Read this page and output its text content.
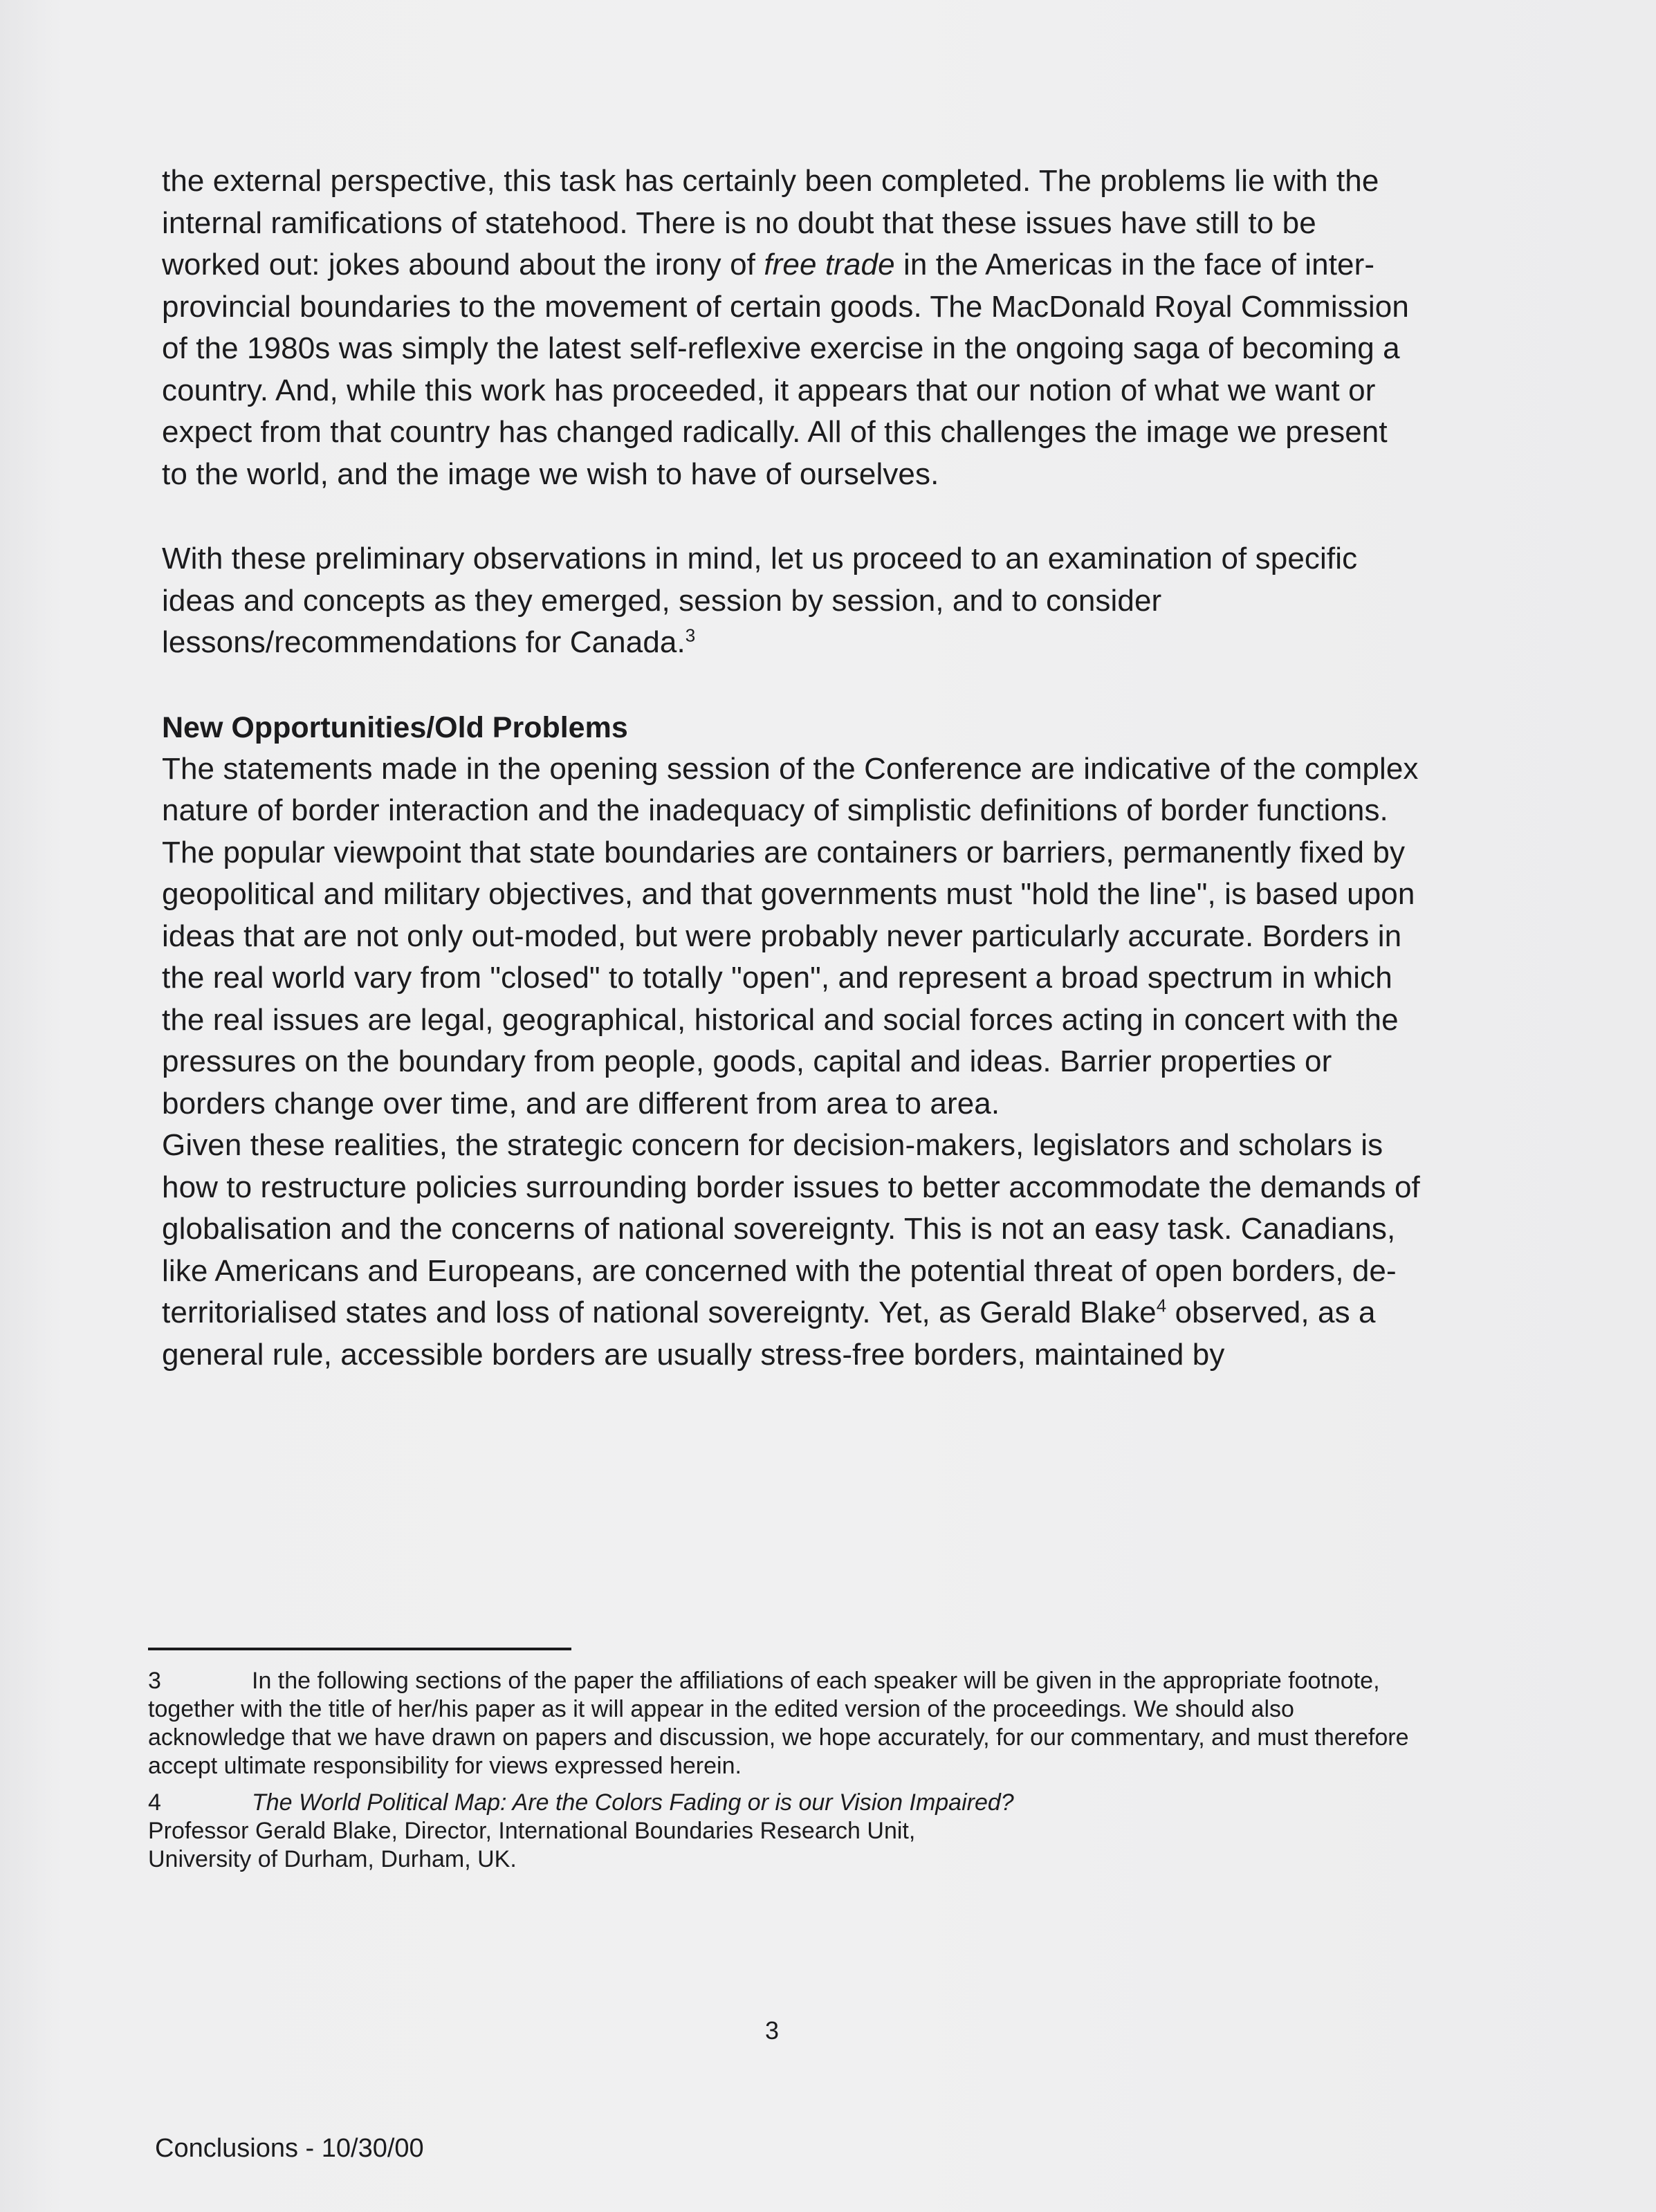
the external perspective, this task has certainly been completed. The problems lie with the internal ramifications of statehood. There is no doubt that these issues have still to be worked out: jokes abound about the irony of free trade in the Americas in the face of inter-provincial boundaries to the movement of certain goods. The MacDonald Royal Commission of the 1980s was simply the latest self-reflexive exercise in the ongoing saga of becoming a country. And, while this work has proceeded, it appears that our notion of what we want or expect from that country has changed radically. All of this challenges the image we present to the world, and the image we wish to have of ourselves.

With these preliminary observations in mind, let us proceed to an examination of specific ideas and concepts as they emerged, session by session, and to consider lessons/recommendations for Canada.$^3$

New Opportunities/Old Problems

The statements made in the opening session of the Conference are indicative of the complex nature of border interaction and the inadequacy of simplistic definitions of border functions. The popular viewpoint that state boundaries are containers or barriers, permanently fixed by geopolitical and military objectives, and that governments must "hold the line", is based upon ideas that are not only out-moded, but were probably never particularly accurate. Borders in the real world vary from "closed" to totally "open", and represent a broad spectrum in which the real issues are legal, geographical, historical and social forces acting in concert with the pressures on the boundary from people, goods, capital and ideas. Barrier properties or borders change over time, and are different from area to area.

Given these realities, the strategic concern for decision-makers, legislators and scholars is how to restructure policies surrounding border issues to better accommodate the demands of globalisation and the concerns of national sovereignty. This is not an easy task. Canadians, like Americans and Europeans, are concerned with the potential threat of open borders, de-territorialised states and loss of national sovereignty. Yet, as Gerald Blake$^4$ observed, as a general rule, accessible borders are usually stress-free borders, maintained by

3	In the following sections of the paper the affiliations of each speaker will be given in the appropriate footnote, together with the title of her/his paper as it will appear in the edited version of the proceedings. We should also acknowledge that we have drawn on papers and discussion, we hope accurately, for our commentary, and must therefore accept ultimate responsibility for views expressed herein.

4	The World Political Map: Are the Colors Fading or is our Vision Impaired?
Professor Gerald Blake, Director, International Boundaries Research Unit,
University of Durham, Durham, UK.

3
Conclusions - 10/30/00
